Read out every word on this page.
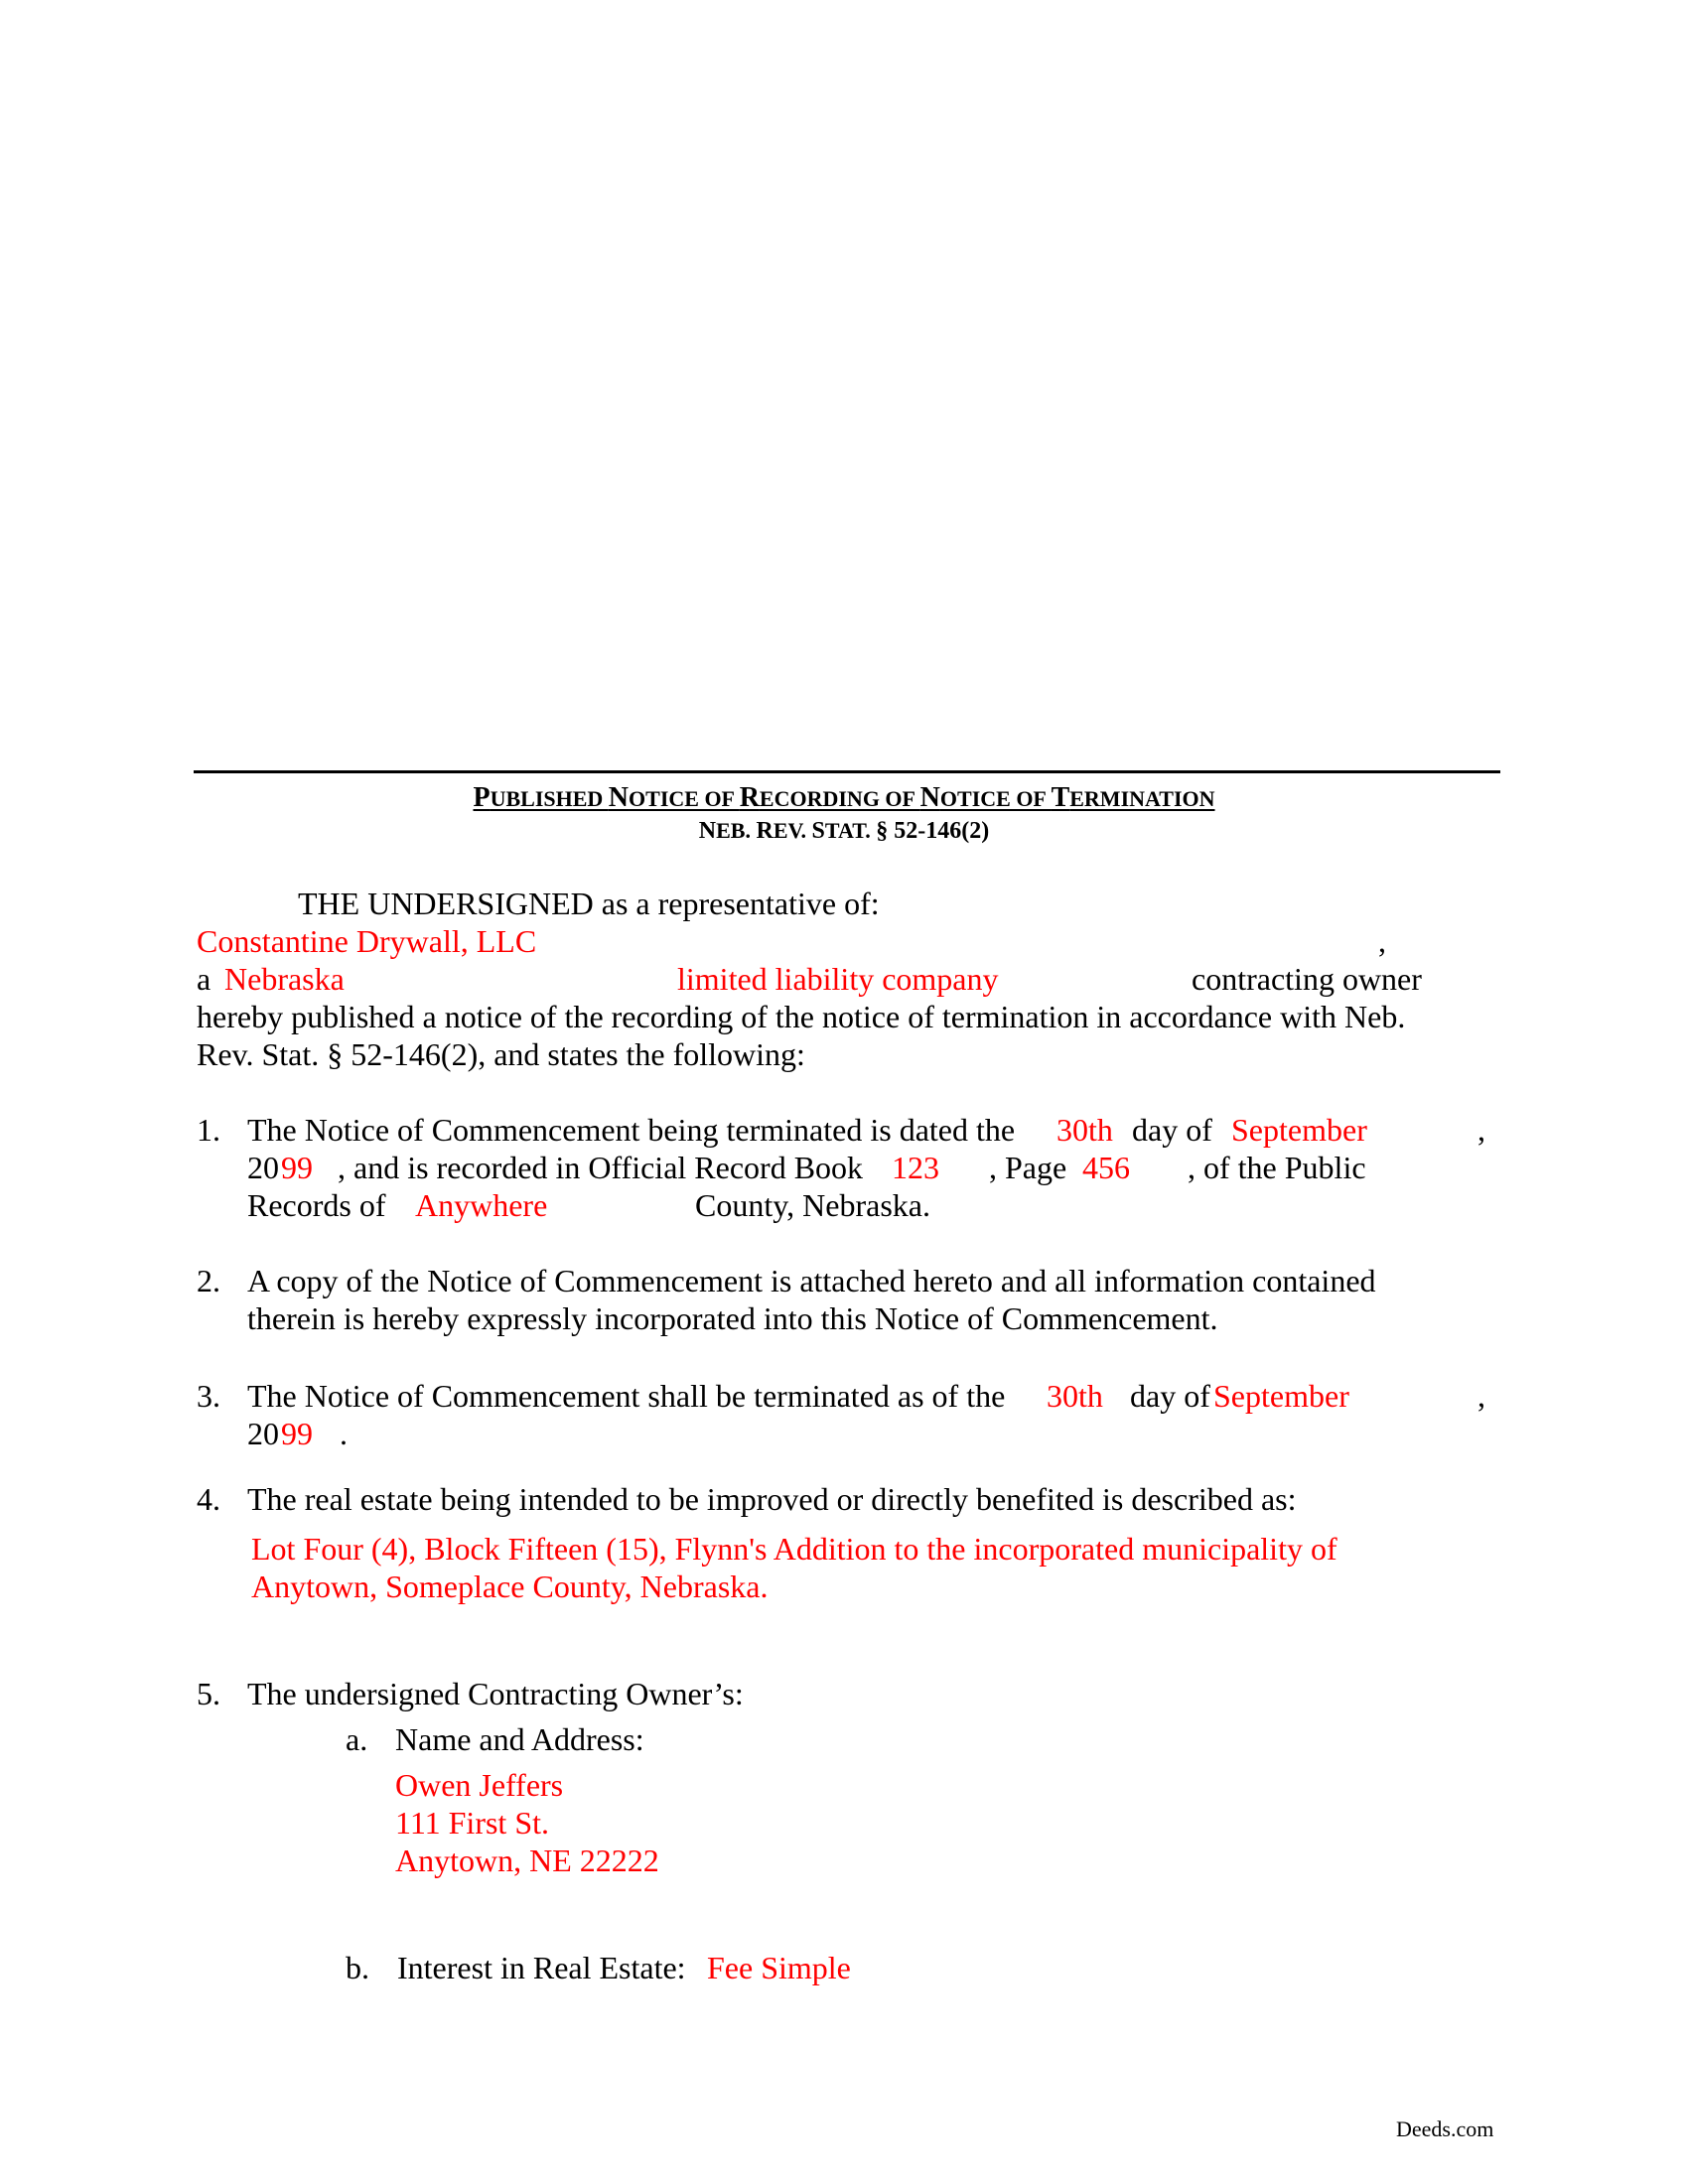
PUBLISHED NOTICE OF RECORDING OF NOTICE OF TERMINATION
NEB. REV. STAT. § 52-146(2)
THE UNDERSIGNED as a representative of:
Constantine Drywall, LLC	,
a Nebraska	limited liability company	contracting owner
hereby published a notice of the recording of the notice of termination in accordance with Neb.
Rev. Stat. § 52-146(2), and states the following:
1. The Notice of Commencement being terminated is dated the 30th day of September	,
20 99 , and is recorded in Official Record Book 123 , Page 456 , of the Public
Records of Anywhere	County, Nebraska.
2. A copy of the Notice of Commencement is attached hereto and all information contained
therein is hereby expressly incorporated into this Notice of Commencement.
3. The Notice of Commencement shall be terminated as of the 30th day of September	,
20 99 .
4. The real estate being intended to be improved or directly benefited is described as:
Lot Four (4), Block Fifteen (15), Flynn's Addition to the incorporated municipality of
Anytown, Someplace County, Nebraska.
5. The undersigned Contracting Owner’s:
a. Name and Address:
Owen Jeffers
111 First St.
Anytown, NE 22222
b. Interest in Real Estate: Fee Simple
Deeds.com
